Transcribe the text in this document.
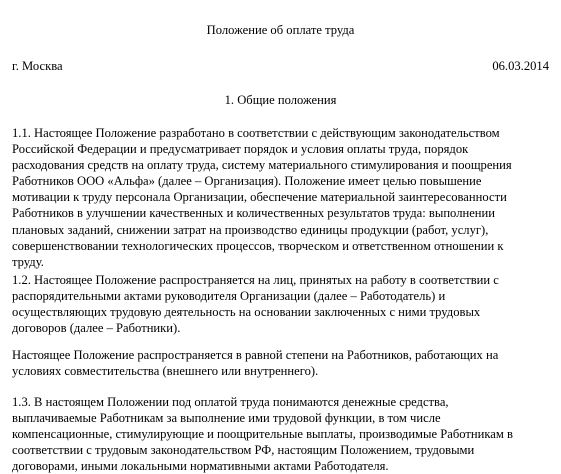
Положение об оплате труда
г. Москва	06.03.2014
1. Общие положения
1.1. Настоящее Положение разработано в соответствии с действующим законодательством
Российской Федерации и предусматривает порядок и условия оплаты труда, порядок
расходования средств на оплату труда, систему материального стимулирования и поощрения
Работников ООО «Альфа» (далее – Организация). Положение имеет целью повышение
мотивации к труду персонала Организации, обеспечение материальной заинтересованности
Работников в улучшении качественных и количественных результатов труда: выполнении
плановых заданий, снижении затрат на производство единицы продукции (работ, услуг),
совершенствовании технологических процессов, творческом и ответственном отношении к
труду.
1.2. Настоящее Положение распространяется на лиц, принятых на работу в соответствии с
распорядительными актами руководителя Организации (далее – Работодатель) и
осуществляющих трудовую деятельность на основании заключенных с ними трудовых
договоров (далее – Работники).
Настоящее Положение распространяется в равной степени на Работников, работающих на
условиях совместительства (внешнего или внутреннего).
1.3. В настоящем Положении под оплатой труда понимаются денежные средства,
выплачиваемые Работникам за выполнение ими трудовой функции, в том числе
компенсационные, стимулирующие и поощрительные выплаты, производимые Работникам в
соответствии с трудовым законодательством РФ, настоящим Положением, трудовыми
договорами, иными локальными нормативными актами Работодателя.
